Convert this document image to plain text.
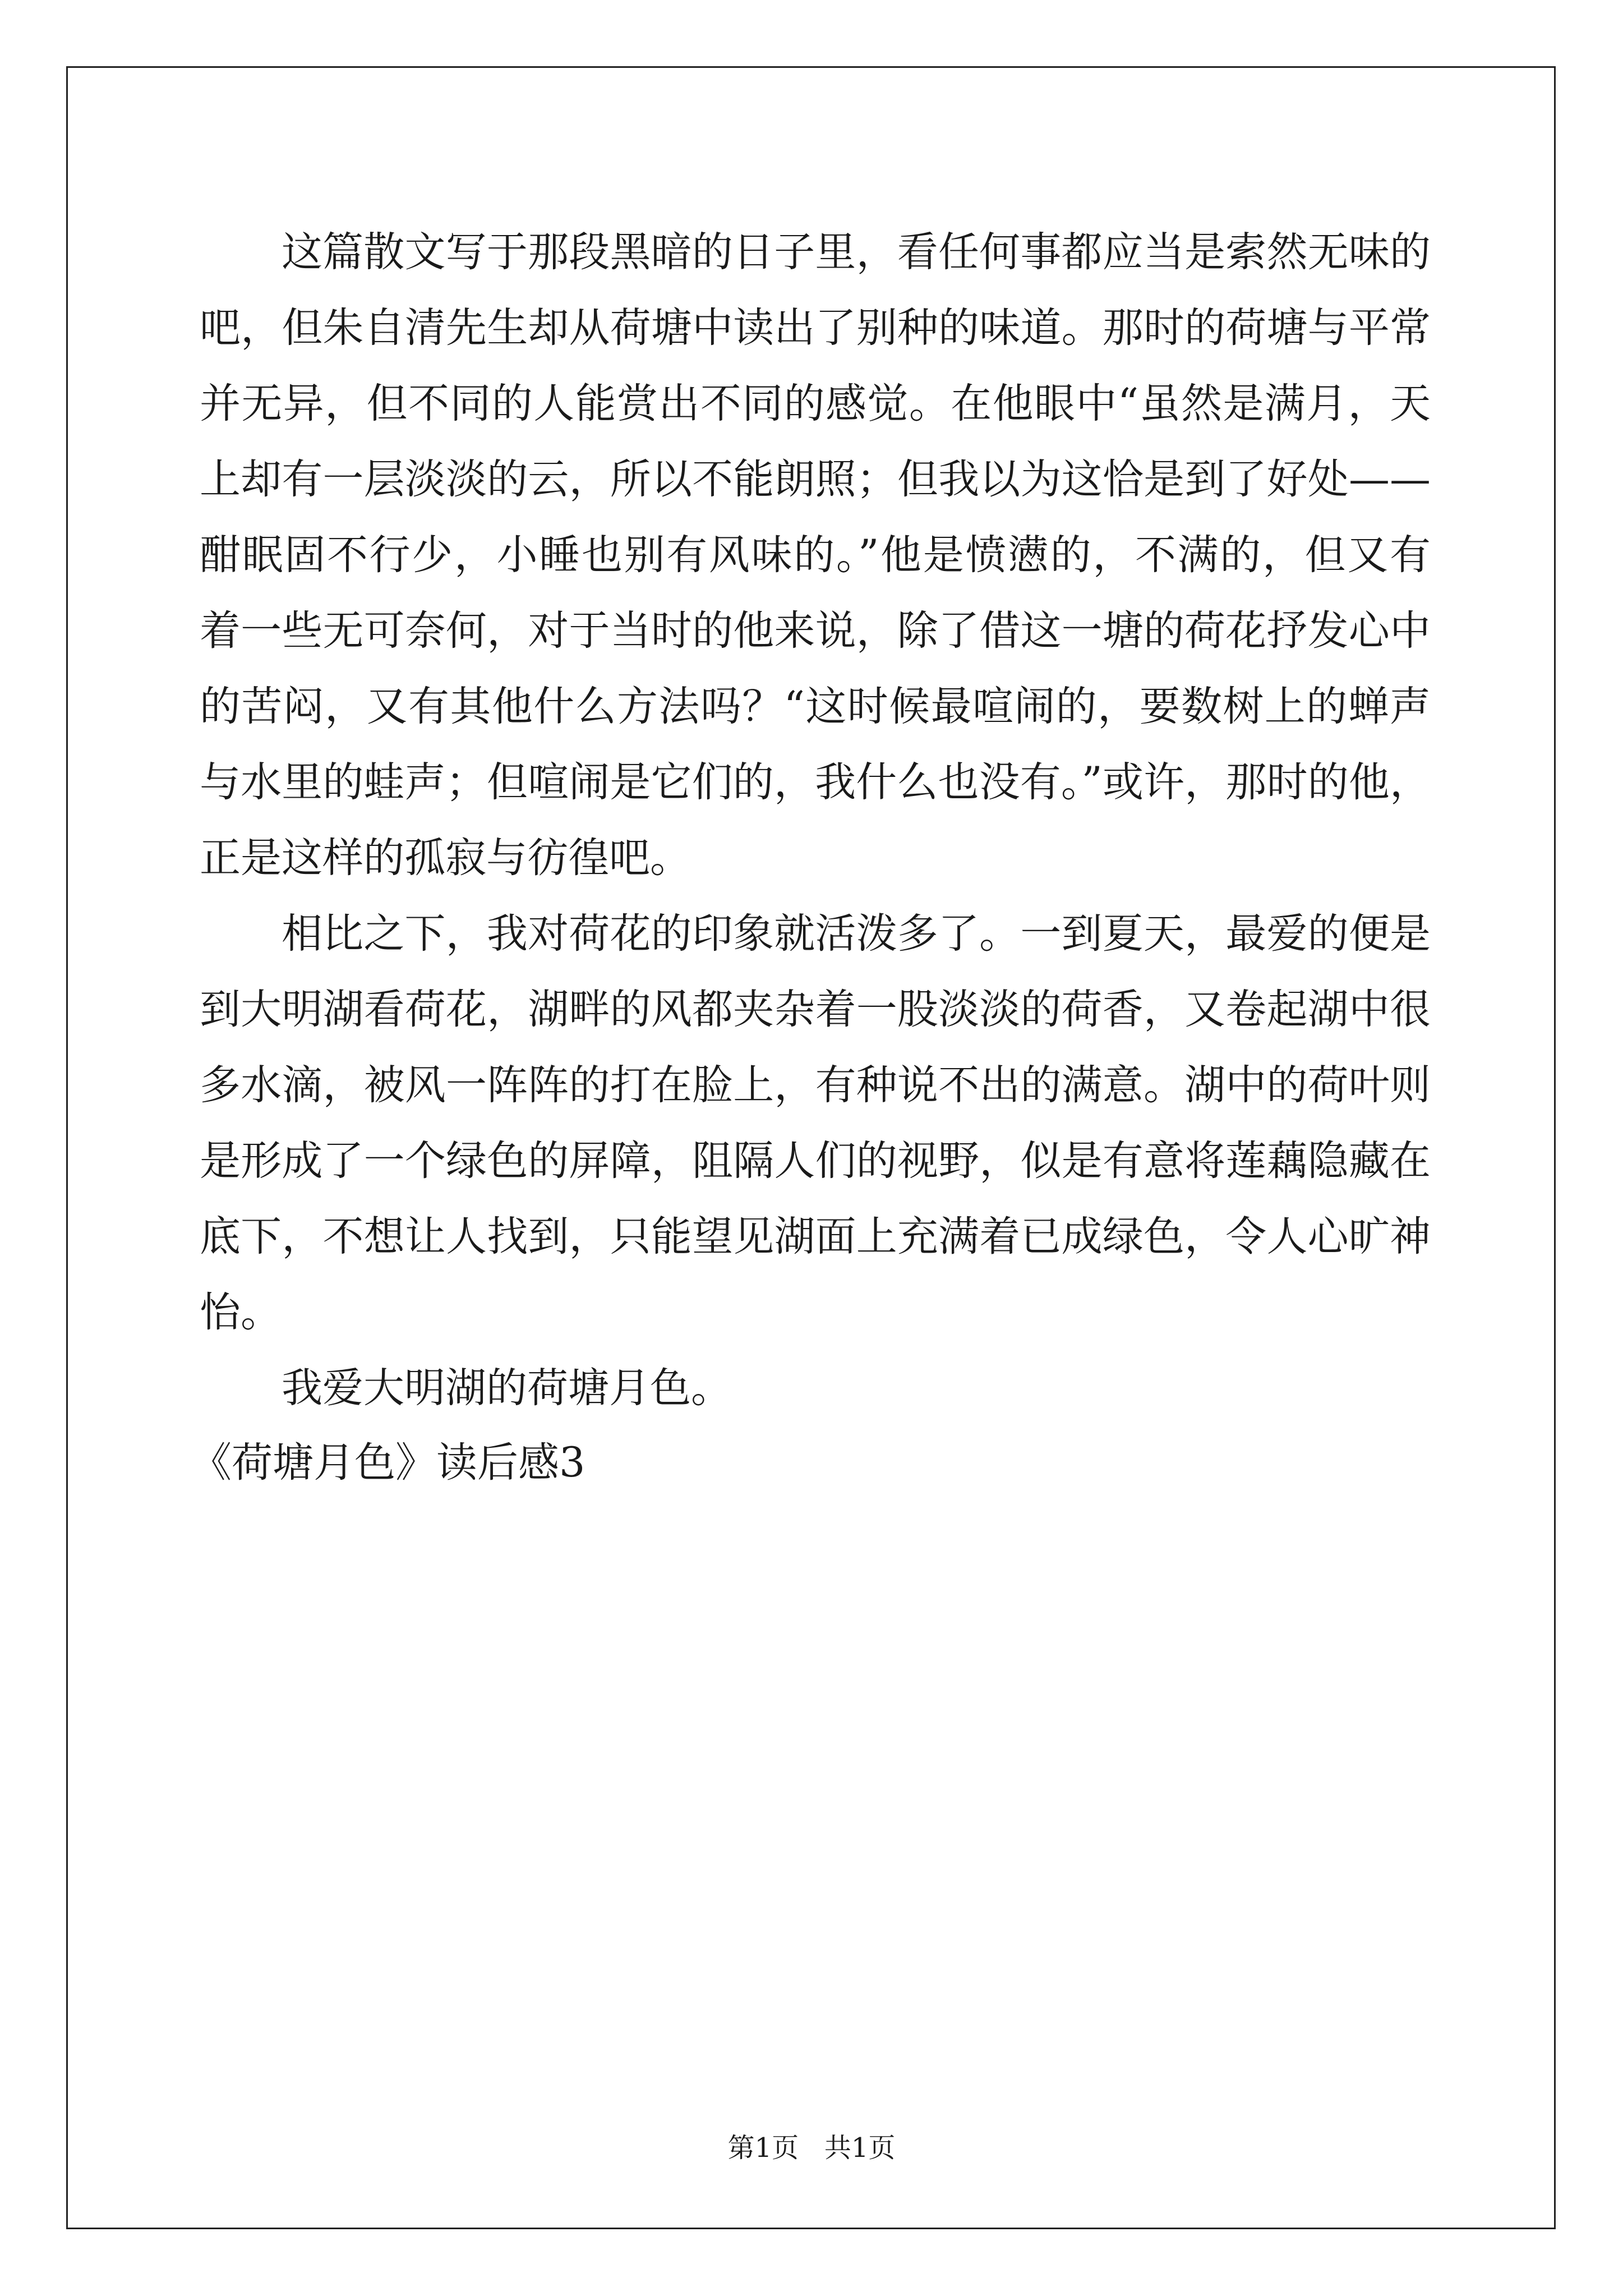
这篇散文写于那段黑暗的日子里，看任何事都应当是索然无味的
吧，但朱自清先生却从荷塘中读出了别种的味道。那时的荷塘与平常
并无异，但不同的人能赏出不同的感觉。在他眼中“虽然是满月，天
上却有一层淡淡的云，所以不能朗照；但我以为这恰是到了好处——
酣眠固不行少，小睡也别有风味的。”他是愤懑的，不满的，但又有
着一些无可奈何，对于当时的他来说，除了借这一塘的荷花抒发心中
的苦闷，又有其他什么方法吗？“这时候最喧闹的，要数树上的蝉声
与水里的蛙声；但喧闹是它们的，我什么也没有。”或许，那时的他，
正是这样的孤寂与彷徨吧。
相比之下，我对荷花的印象就活泼多了。一到夏天，最爱的便是
到大明湖看荷花，湖畔的风都夹杂着一股淡淡的荷香，又卷起湖中很
多水滴，被风一阵阵的打在脸上，有种说不出的满意。湖中的荷叶则
是形成了一个绿色的屏障，阻隔人们的视野，似是有意将莲藕隐藏在
底下，不想让人找到，只能望见湖面上充满着已成绿色，令人心旷神
怡。
我爱大明湖的荷塘月色。
《荷塘月色》读后感3
第1页   共1页
